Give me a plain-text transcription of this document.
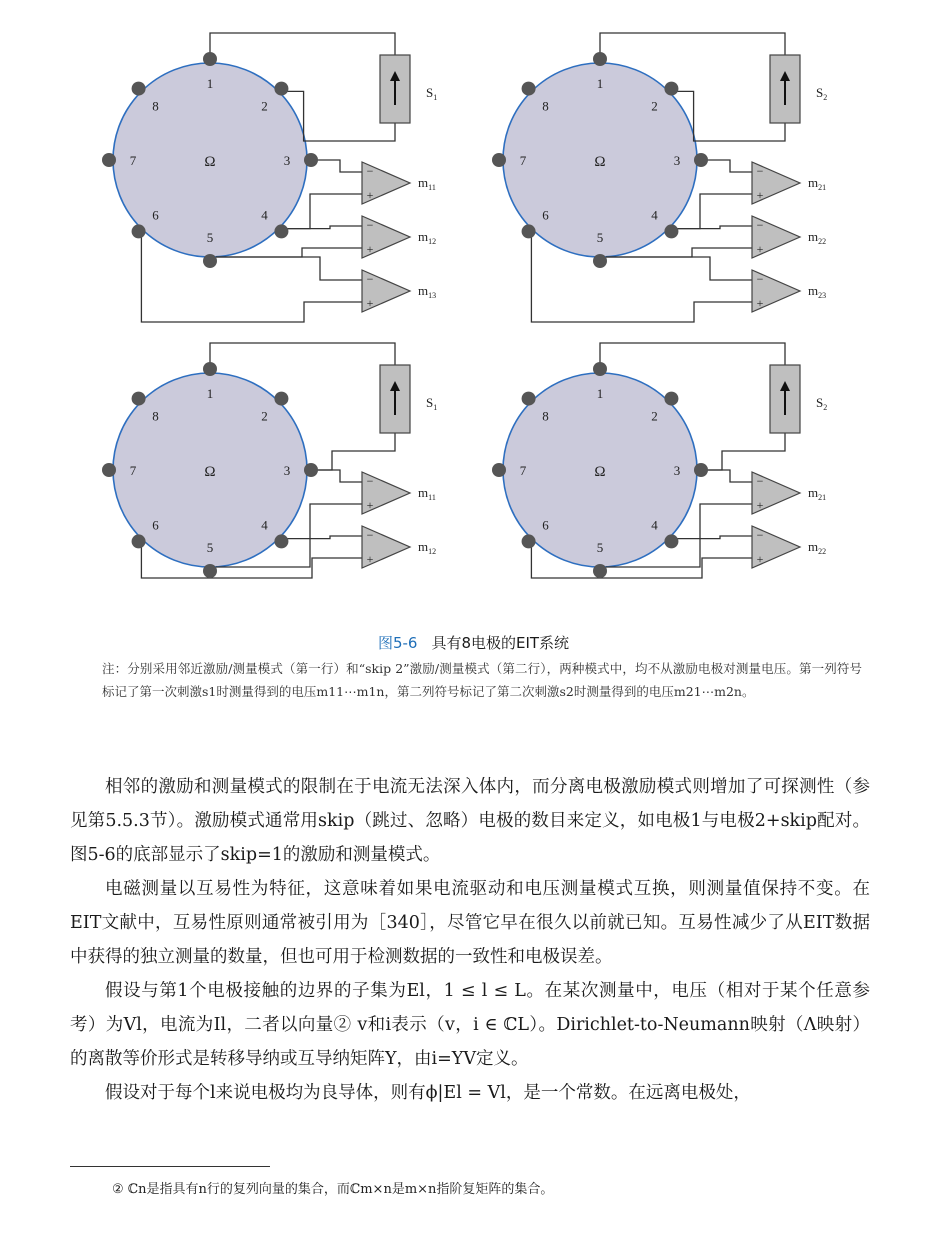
Ω
$S_1$
−
+
$m_{11}$
−
+
$m_{12}$
−
+
$m_{13}$
1
2
3
4
5
6
7
8
Ω
$S_2$
−
+
$m_{21}$
−
+
$m_{22}$
−
+
$m_{23}$
1
2
3
4
5
6
7
8
Ω
$S_1$
−
+
$m_{11}$
−
+
$m_{12}$
1
2
3
4
5
6
7
8
Ω
$S_2$
−
+
$m_{21}$
−
+
$m_{22}$
1
2
3
4
5
6
7
8
图5-6 具有8电极的EIT系统
注：分别采用邻近激励/测量模式（第一行）和“skip 2”激励/测量模式（第二行），两种模式中，均不从激励电极对测量电压。第一列符号标记了第一次刺激s1时测量得到的电压m11⋯m1n，第二列符号标记了第二次刺激s2时测量得到的电压m21⋯m2n。

相邻的激励和测量模式的限制在于电流无法深入体内，而分离电极激励模式则增加了可探测性（参见第5.5.3节）。激励模式通常用skip（跳过、忽略）电极的数目来定义，如电极1与电极2+skip配对。图5-6的底部显示了skip=1的激励和测量模式。

电磁测量以互易性为特征，这意味着如果电流驱动和电压测量模式互换，则测量值保持不变。在EIT文献中，互易性原则通常被引用为［340］，尽管它早在很久以前就已知。互易性减少了从EIT数据中获得的独立测量的数量，但也可用于检测数据的一致性和电极误差。

假设与第1个电极接触的边界的子集为El，1 ≤ l ≤ L。在某次测量中，电压（相对于某个任意参考）为Vl，电流为Il，二者以向量② v和i表示（v，i ∈ ℂL）。Dirichlet-to-Neumann映射（Λ映射）的离散等价形式是转移导纳或互导纳矩阵Y，由i=YV定义。

假设对于每个l来说电极均为良导体，则有ϕ|El = Vl，是一个常数。在远离电极处，

② ℂn是指具有n行的复列向量的集合，而ℂm×n是m×n指阶复矩阵的集合。
